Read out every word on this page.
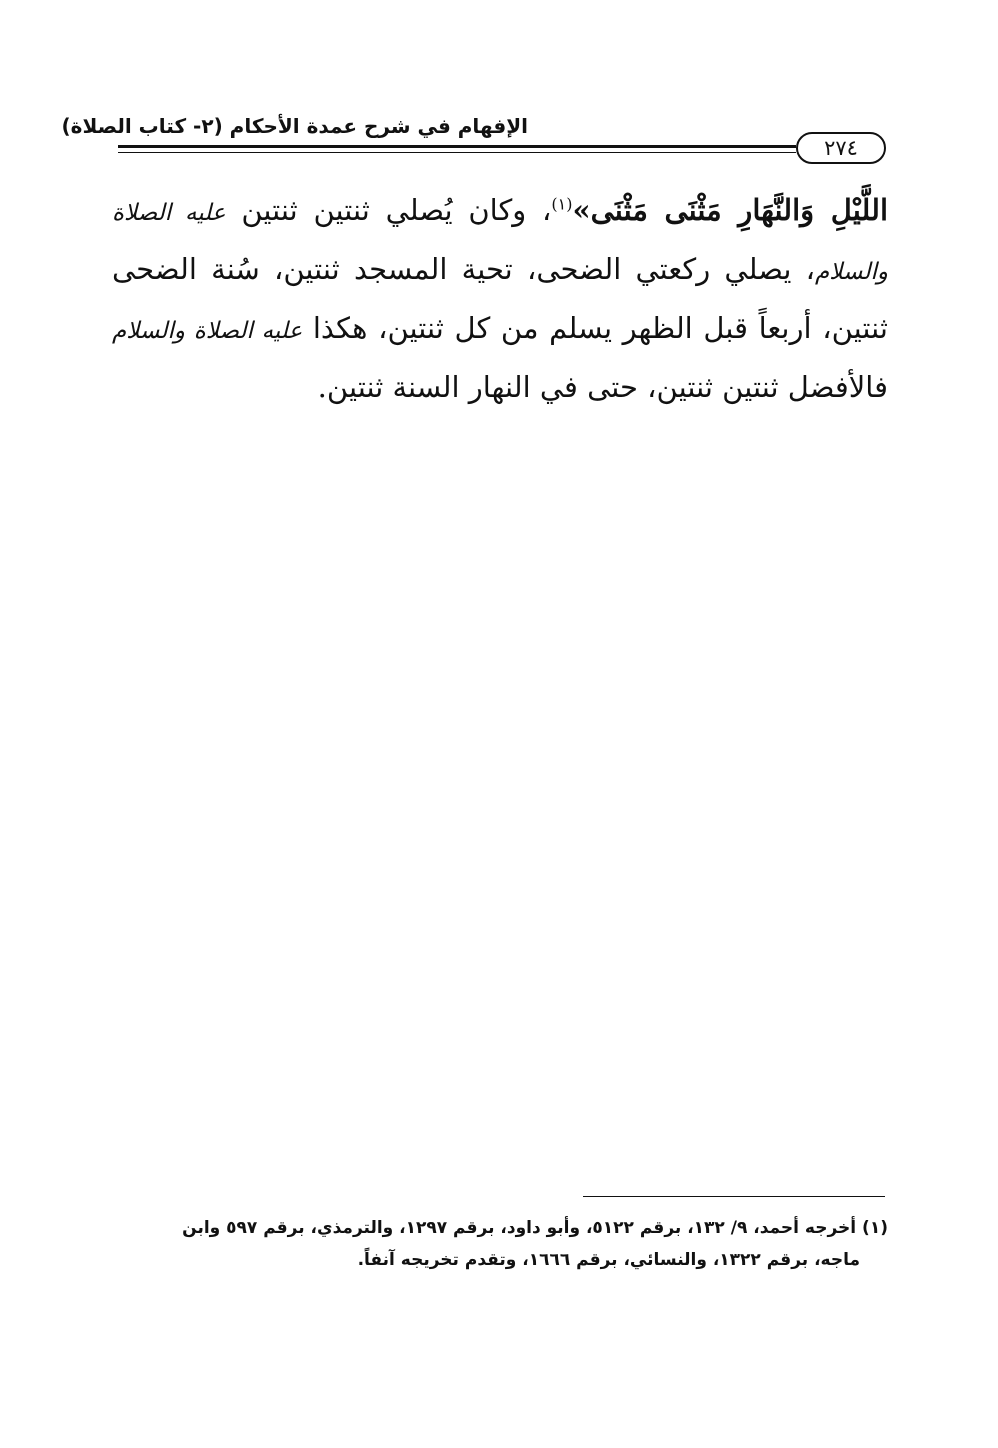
الإفهام في شرح عمدة الأحكام (٢- كتاب الصلاة)
٢٧٤

اللَّيْلِ وَالنَّهَارِ مَثْنَى مَثْنَى»$^{(١)}$، وكان يُصلي ثنتين ثنتين عليه الصلاة والسلام، يصلي ركعتي الضحى، تحية المسجد ثنتين، سُنة الضحى ثنتين، أربعاً قبل الظهر يسلم من كل ثنتين، هكذا عليه الصلاة والسلام فالأفضل ثنتين ثنتين، حتى في النهار السنة ثنتين.

(١) أخرجه أحمد، ٩/ ١٣٢، برقم ٥١٢٢، وأبو داود، برقم ١٢٩٧، والترمذي، برقم ٥٩٧ وابن

ماجه، برقم ١٣٢٢، والنسائي، برقم ١٦٦٦، وتقدم تخريجه آنفاً.
